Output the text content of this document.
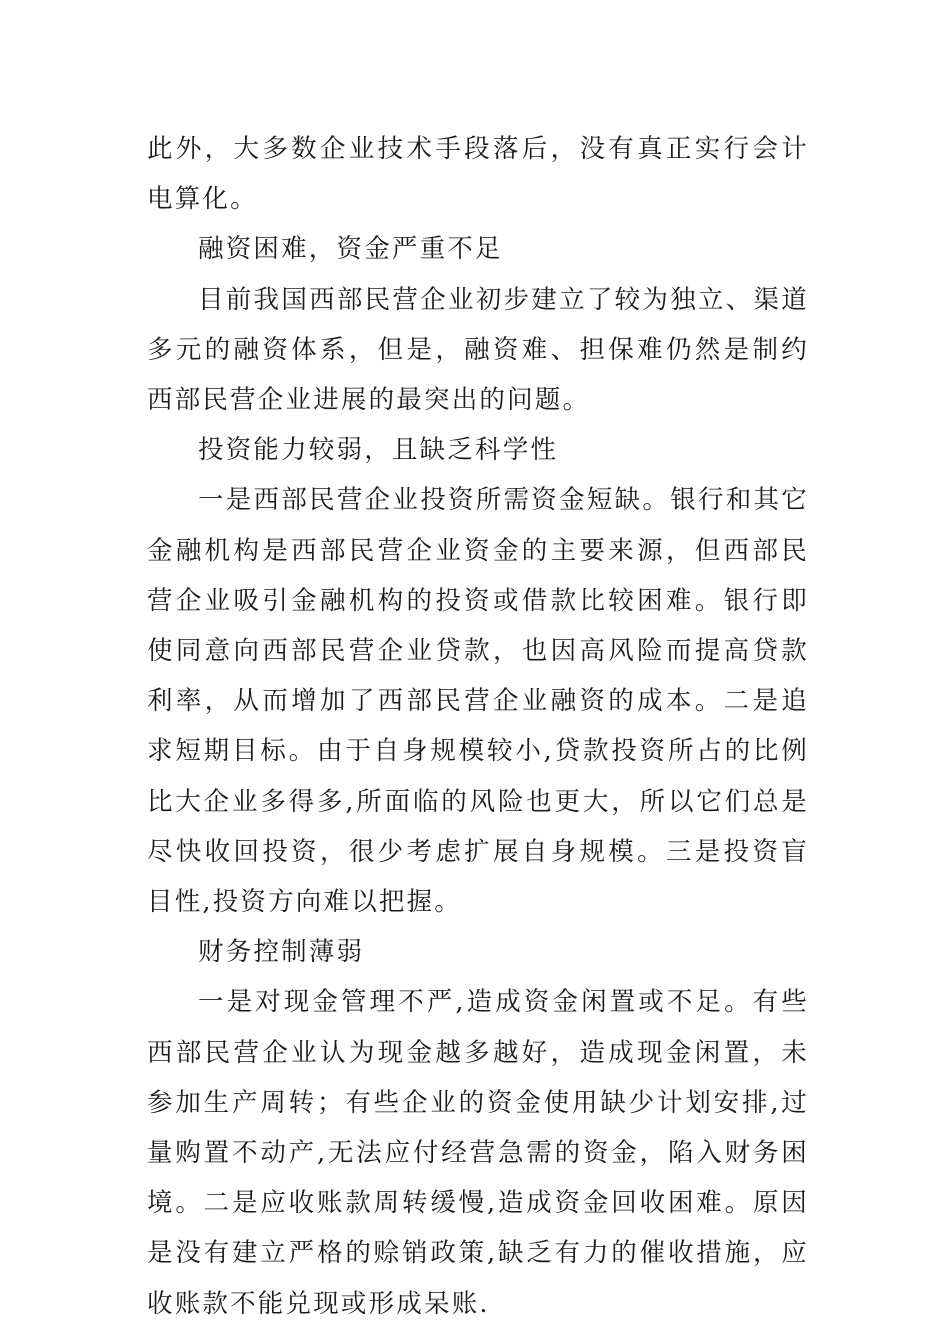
此外，大多数企业技术手段落后，没有真正实行会计电算化。

融资困难，资金严重不足

目前我国西部民营企业初步建立了较为独立、渠道多元的融资体系，但是，融资难、担保难仍然是制约西部民营企业进展的最突出的问题。

投资能力较弱，且缺乏科学性

一是西部民营企业投资所需资金短缺。银行和其它金融机构是西部民营企业资金的主要来源，但西部民营企业吸引金融机构的投资或借款比较困难。银行即使同意向西部民营企业贷款，也因高风险而提高贷款利率，从而增加了西部民营企业融资的成本。二是追求短期目标。由于自身规模较小,贷款投资所占的比例比大企业多得多,所面临的风险也更大，所以它们总是尽快收回投资，很少考虑扩展自身规模。三是投资盲目性,投资方向难以把握。

财务控制薄弱

一是对现金管理不严,造成资金闲置或不足。有些西部民营企业认为现金越多越好，造成现金闲置，未参加生产周转；有些企业的资金使用缺少计划安排,过量购置不动产,无法应付经营急需的资金，陷入财务困境。二是应收账款周转缓慢,造成资金回收困难。原因是没有建立严格的赊销政策,缺乏有力的催收措施，应收账款不能兑现或形成呆账.
